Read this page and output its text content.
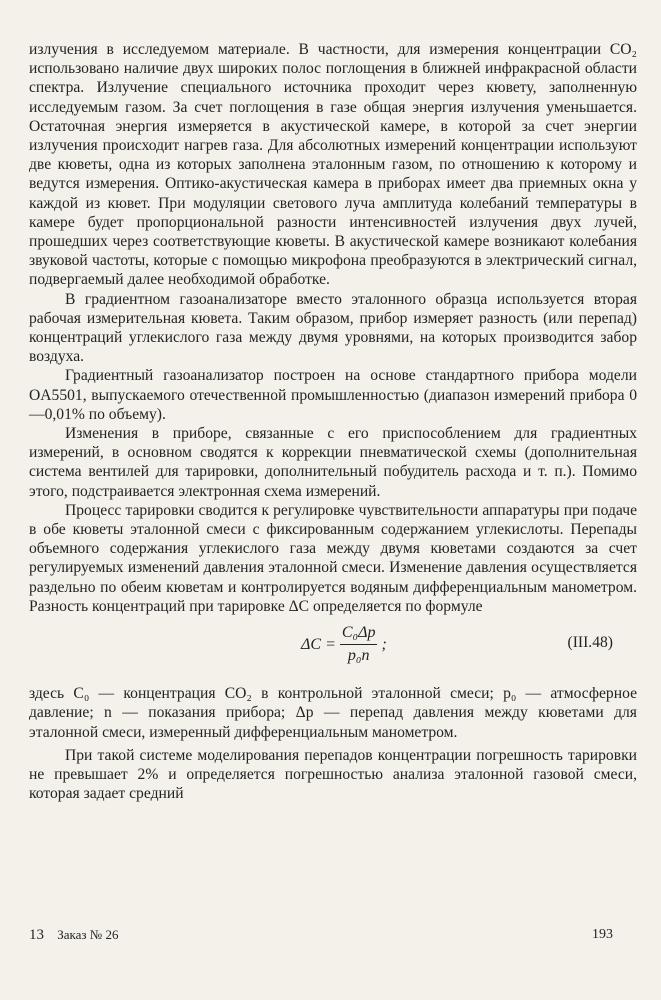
излучения в исследуемом материале. В частности, для измерения концентрации CO₂ использовано наличие двух широких полос поглощения в ближней инфракрасной области спектра. Излучение специального источника проходит через кювету, заполненную исследуемым газом. За счет поглощения в газе общая энергия излучения уменьшается. Остаточная энергия измеряется в акустической камере, в которой за счет энергии излучения происходит нагрев газа. Для абсолютных измерений концентрации используют две кюветы, одна из которых заполнена эталонным газом, по отношению к которому и ведутся измерения. Оптико-акустическая камера в приборах имеет два приемных окна у каждой из кювет. При модуляции светового луча амплитуда колебаний температуры в камере будет пропорциональной разности интенсивностей излучения двух лучей, прошедших через соответствующие кюветы. В акустической камере возникают колебания звуковой частоты, которые с помощью микрофона преобразуются в электрический сигнал, подвергаемый далее необходимой обработке.

В градиентном газоанализаторе вместо эталонного образца используется вторая рабочая измерительная кювета. Таким образом, прибор измеряет разность (или перепад) концентраций углекислого газа между двумя уровнями, на которых производится забор воздуха.

Градиентный газоанализатор построен на основе стандартного прибора модели OA5501, выпускаемого отечественной промышленностью (диапазон измерений прибора 0—0,01% по объему).

Изменения в приборе, связанные с его приспособлением для градиентных измерений, в основном сводятся к коррекции пневматической схемы (дополнительная система вентилей для тарировки, дополнительный побудитель расхода и т. п.). Помимо этого, подстраивается электронная схема измерений.

Процесс тарировки сводится к регулировке чувствительности аппаратуры при подаче в обе кюветы эталонной смеси с фиксированным содержанием углекислоты. Перепады объемного содержания углекислого газа между двумя кюветами создаются за счет регулируемых изменений давления эталонной смеси. Изменение давления осуществляется раздельно по обеим кюветам и контролируется водяным дифференциальным манометром. Разность концентраций при тарировке ΔC определяется по формуле

$\Delta C = \frac{\text{C₀Δp}}{\text{p₀n}}$ ;	(III.48)

здесь C₀ — концентрация CO₂ в контрольной эталонной смеси; p₀ — атмосферное давление; n — показания прибора; Δp — перепад давления между кюветами для эталонной смеси, измеренный дифференциальным манометром.

При такой системе моделирования перепадов концентрации погрешность тарировки не превышает 2% и определяется погрешностью анализа эталонной газовой смеси, которая задает средний

13 Заказ № 26	193
